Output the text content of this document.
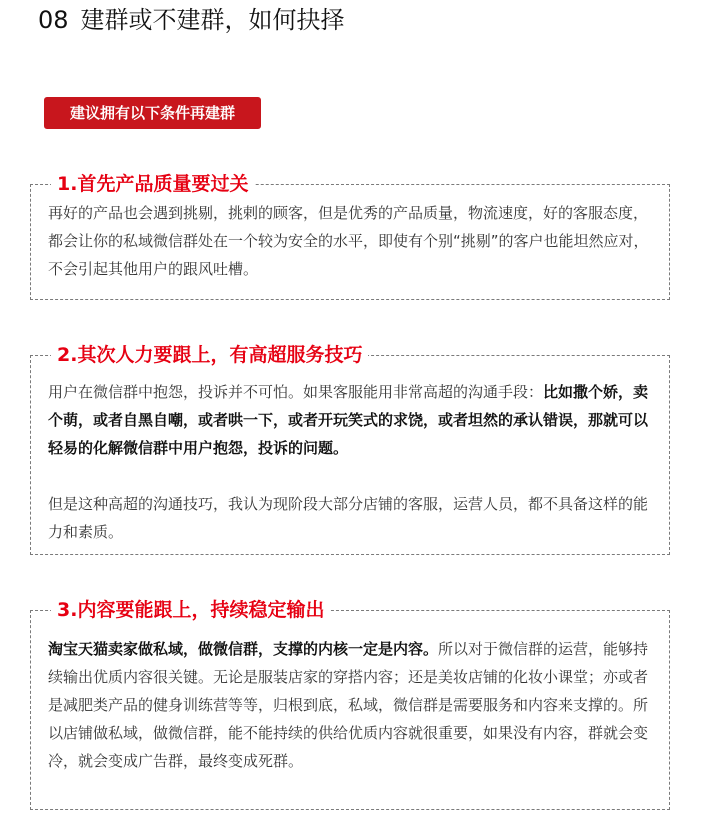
08 建群或不建群，如何抉择
建议拥有以下条件再建群
1.首先产品质量要过关

再好的产品也会遇到挑剔，挑剌的顾客，但是优秀的产品质量，物流速度，好的客服态度，都会让你的私域微信群处在一个较为安全的水平，即使有个别“挑剔”的客户也能坦然应对，不会引起其他用户的跟风吐槽。

2.其次人力要跟上，有高超服务技巧
用户在微信群中抱怨，投诉并不可怕。如果客服能用非常高超的沟通手段：比如撒个娇，卖个萌，或者自黑自嘲，或者哄一下，或者开玩笑式的求饶，或者坦然的承认错误，那就可以轻易的化解微信群中用户抱怨，投诉的问题。
但是这种高超的沟通技巧，我认为现阶段大部分店铺的客服，运营人员，都不具备这样的能力和素质。
3.内容要能跟上，持续稳定输出
淘宝天猫卖家做私域，做微信群，支撑的内核一定是内容。所以对于微信群的运营，能够持续输出优质内容很关键。无论是服装店家的穿搭内容；还是美妆店铺的化妆小课堂；亦或者是减肥类产品的健身训练营等等，归根到底，私域，微信群是需要服务和内容来支撑的。所以店铺做私域，做微信群，能不能持续的供给优质内容就很重要，如果没有内容，群就会变冷，就会变成广告群，最终变成死群。
